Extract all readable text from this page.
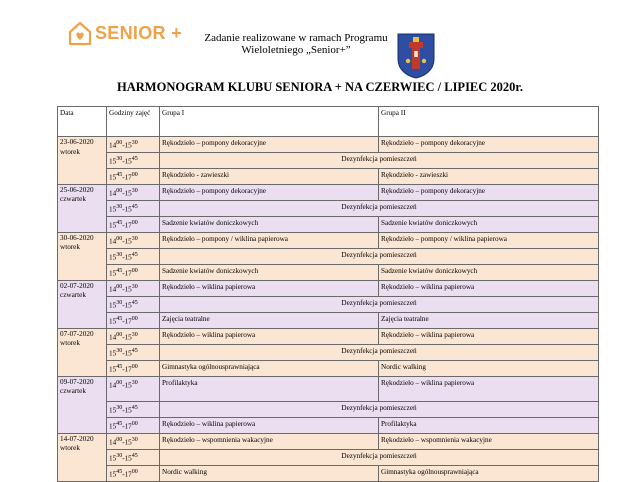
SENIOR +	Zadanie realizowane w ramach Programu
Wieloletniego „Senior+”
HARMONOGRAM KLUBU SENIORA + NA CZERWIEC / LIPIEC 2020r.
Data	Godziny zajęć	Grupa I	Grupa II

23-06-2020
wtorek	$14^{00}-15^{30}$	Rękodzieło – pompony dekoracyjne	Rękodzieło – pompony dekoracyjne
	$15^{30}-15^{45}$	Dezynfekcja pomieszczeń	
	$15^{45}-17^{00}$	Rękodzieło - zawieszki	Rękodzieło - zawieszki

25-06-2020
czwartek	$14^{00}-15^{30}$	Rękodzieło – pompony dekoracyjne	Rękodzieło – pompony dekoracyjne
	$15^{30}-15^{45}$	Dezynfekcja pomieszczeń	
	$15^{45}-17^{00}$	Sadzenie kwiatów doniczkowych	Sadzenie kwiatów doniczkowych

30-06-2020
wtorek	$14^{00}-15^{30}$	Rękodzieło – pompony / wiklina papierowa	Rękodzieło – pompony / wiklina papierowa
	$15^{30}-15^{45}$	Dezynfekcja pomieszczeń	
	$15^{45}-17^{00}$	Sadzenie kwiatów doniczkowych	Sadzenie kwiatów doniczkowych

02-07-2020
czwartek	$14^{00}-15^{30}$	Rękodzieło – wiklina papierowa	Rękodzieło – wiklina papierowa
	$15^{30}-15^{45}$	Dezynfekcja pomieszczeń	
	$15^{45}-17^{00}$	Zajęcia teatralne	Zajęcia teatralne

07-07-2020
wtorek	$14^{00}-15^{30}$	Rękodzieło – wiklina papierowa	Rękodzieło – wiklina papierowa
	$15^{30}-15^{45}$	Dezynfekcja pomieszczeń	
	$15^{45}-17^{00}$	Gimnastyka ogólnousprawniająca	Nordic walking

09-07-2020
czwartek	$14^{00}-15^{30}$	Profilaktyka	Rękodzieło – wiklina papierowa
	$15^{30}-15^{45}$	Dezynfekcja pomieszczeń	
	$15^{45}-17^{00}$	Rękodzieło – wiklina papierowa	Profilaktyka

14-07-2020
wtorek	$14^{00}-15^{30}$	Rękodzieło – wspomnienia wakacyjne	Rękodzieło – wspomnienia wakacyjne
	$15^{30}-15^{45}$	Dezynfekcja pomieszczeń	
	$15^{45}-17^{00}$	Nordic walking	Gimnastyka ogólnousprawniająca
